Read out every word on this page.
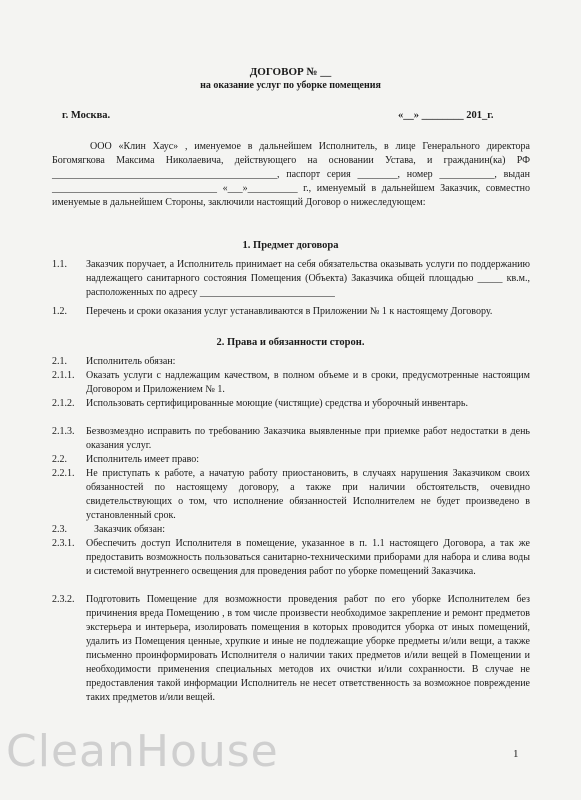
ДОГОВОР № __
на оказание услуг по уборке помещения
г. Москва.	«__» ________ 201_г.
ООО «Клин Хаус» , именуемое в дальнейшем Исполнитель, в лице Генерального директора Богомягкова Максима Николаевича, действующего на основании Устава, и гражданин(ка) РФ _____________________________________________, паспорт серия ________, номер ___________, выдан _________________________________ «___»__________ г., именуемый в дальнейшем Заказчик, совместно именуемые в дальнейшем Стороны, заключили настоящий Договор о нижеследующем:
1. Предмет договора
1.1.	Заказчик поручает, а Исполнитель принимает на себя обязательства оказывать услуги по поддержанию надлежащего санитарного состояния Помещения (Объекта) Заказчика общей площадью _____ кв.м., расположенных по адресу ___________________________
1.2.	Перечень и сроки оказания услуг устанавливаются в Приложении № 1 к настоящему Договору.
2. Права и обязанности сторон.
2.1.	Исполнитель обязан:
2.1.1.	Оказать услуги с надлежащим качеством, в полном объеме и в сроки, предусмотренные настоящим Договором и Приложением № 1.
2.1.2.	Использовать сертифицированные моющие (чистящие) средства и уборочный инвентарь.
2.1.3.	Безвозмездно исправить по требованию Заказчика выявленные при приемке работ недостатки в день оказания услуг.
2.2.	Исполнитель имеет право:
2.2.1.	Не приступать к работе, а начатую работу приостановить, в случаях нарушения Заказчиком своих обязанностей по настоящему договору, а также при наличии обстоятельств, очевидно свидетельствующих о том, что исполнение обязанностей Исполнителем не будет произведено в установленный срок.
2.3.	Заказчик обязан:
2.3.1.	Обеспечить доступ Исполнителя в помещение, указанное в п. 1.1 настоящего Договора, а так же предоставить возможность пользоваться санитарно-техническими приборами для набора и слива воды и системой внутреннего освещения для проведения работ по уборке помещений Заказчика.
2.3.2.	Подготовить Помещение для возможности проведения работ по его уборке Исполнителем без причинения вреда Помещению , в том числе произвести необходимое закрепление и ремонт предметов экстерьера и интерьера, изолировать помещения в которых проводится уборка от иных помещений, удалить из Помещения ценные, хрупкие и иные не подлежащие уборке предметы и/или вещи, а также письменно проинформировать Исполнителя о наличии таких предметов и/или вещей в Помещении и необходимости применения специальных методов их очистки и/или сохранности. В случае не предоставления такой информации Исполнитель не несет ответственность за возможное повреждение таких предметов и/или вещей.
CleanHouse	1
